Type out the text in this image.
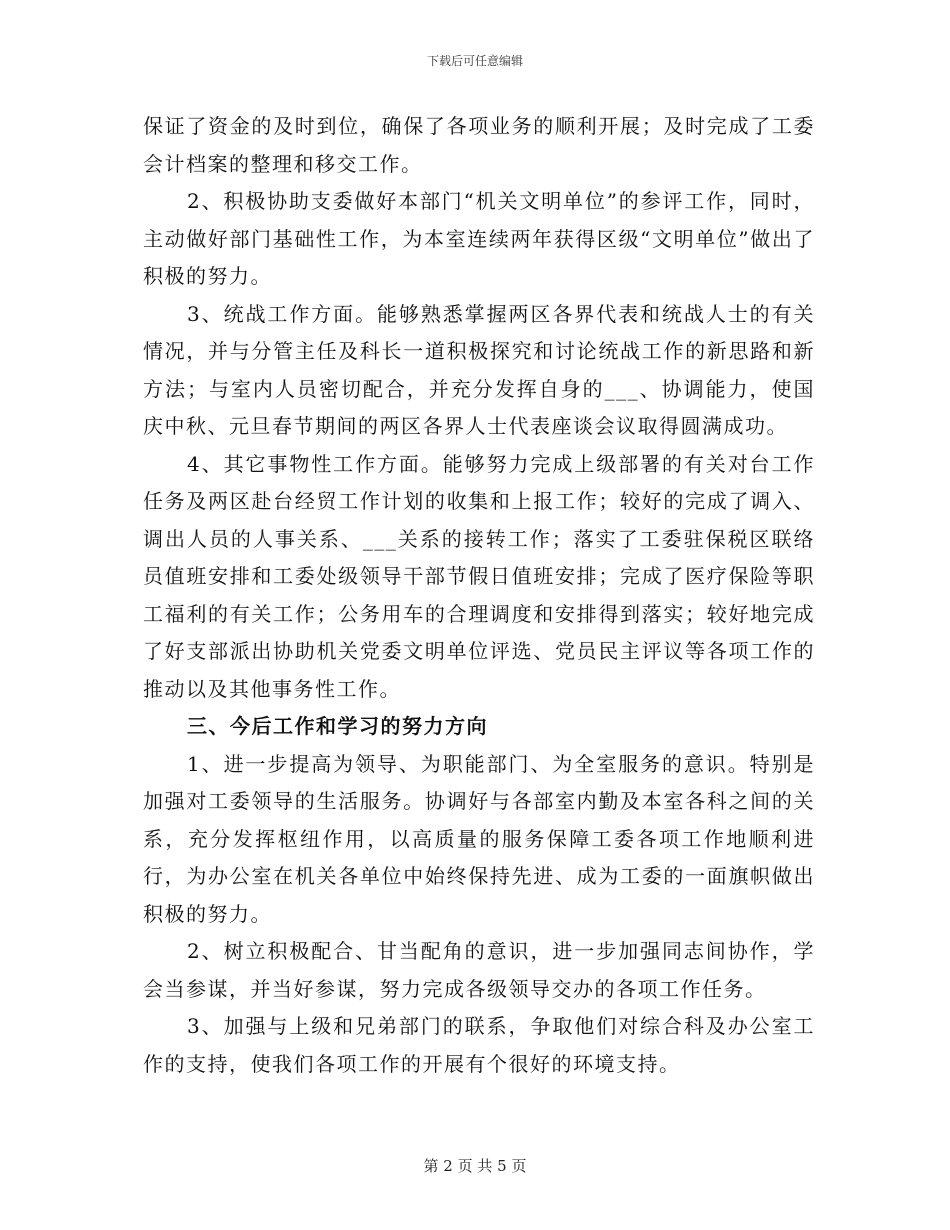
下载后可任意编辑

保证了资金的及时到位，确保了各项业务的顺利开展；及时完成了工委会计档案的整理和移交工作。

2、积极协助支委做好本部门“机关文明单位”的参评工作，同时，主动做好部门基础性工作，为本室连续两年获得区级“文明单位”做出了积极的努力。

3、统战工作方面。能够熟悉掌握两区各界代表和统战人士的有关情况，并与分管主任及科长一道积极探究和讨论统战工作的新思路和新方法；与室内人员密切配合，并充分发挥自身的___、协调能力，使国庆中秋、元旦春节期间的两区各界人士代表座谈会议取得圆满成功。

4、其它事物性工作方面。能够努力完成上级部署的有关对台工作任务及两区赴台经贸工作计划的收集和上报工作；较好的完成了调入、调出人员的人事关系、___关系的接转工作；落实了工委驻保税区联络员值班安排和工委处级领导干部节假日值班安排；完成了医疗保险等职工福利的有关工作；公务用车的合理调度和安排得到落实；较好地完成了好支部派出协助机关党委文明单位评选、党员民主评议等各项工作的推动以及其他事务性工作。

三、今后工作和学习的努力方向

1、进一步提高为领导、为职能部门、为全室服务的意识。特别是加强对工委领导的生活服务。协调好与各部室内勤及本室各科之间的关系，充分发挥枢纽作用，以高质量的服务保障工委各项工作地顺利进行，为办公室在机关各单位中始终保持先进、成为工委的一面旗帜做出积极的努力。

2、树立积极配合、甘当配角的意识，进一步加强同志间协作，学会当参谋，并当好参谋，努力完成各级领导交办的各项工作任务。

3、加强与上级和兄弟部门的联系，争取他们对综合科及办公室工作的支持，使我们各项工作的开展有个很好的环境支持。

第 2 页 共 5 页
